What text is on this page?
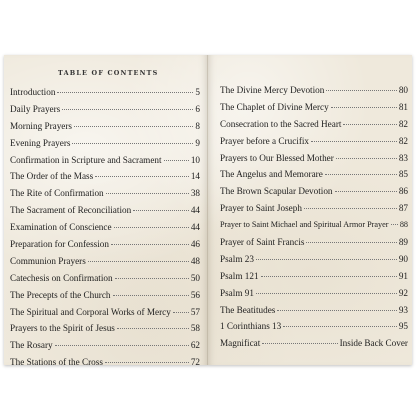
TABLE OF CONTENTS
Introduction	5
Daily Prayers	6
Morning Prayers	8
Evening Prayers	9
Confirmation in Scripture and Sacrament	10
The Order of the Mass	14
The Rite of Confirmation	38
The Sacrament of Reconciliation	44
Examination of Conscience	44
Preparation for Confession	46
Communion Prayers	48
Catechesis on Confirmation	50
The Precepts of the Church	56
The Spiritual and Corporal Works of Mercy 57
Prayers to the Spirit of Jesus	58
The Rosary	62
The Stations of the Cross	72
The Divine Mercy Devotion	80
The Chaplet of Divine Mercy	81
Consecration to the Sacred Heart	82
Prayer before a Crucifix	82
Prayers to Our Blessed Mother	83
The Angelus and Memorare	85
The Brown Scapular Devotion	86
Prayer to Saint Joseph	87
Prayer to Saint Michael and Spiritual Armor Prayer 88
Prayer of Saint Francis	89
Psalm 23	90
Psalm 121	91
Psalm 91	92
The Beatitudes	93
1 Corinthians 13	95
Magnificat	Inside Back Cover
